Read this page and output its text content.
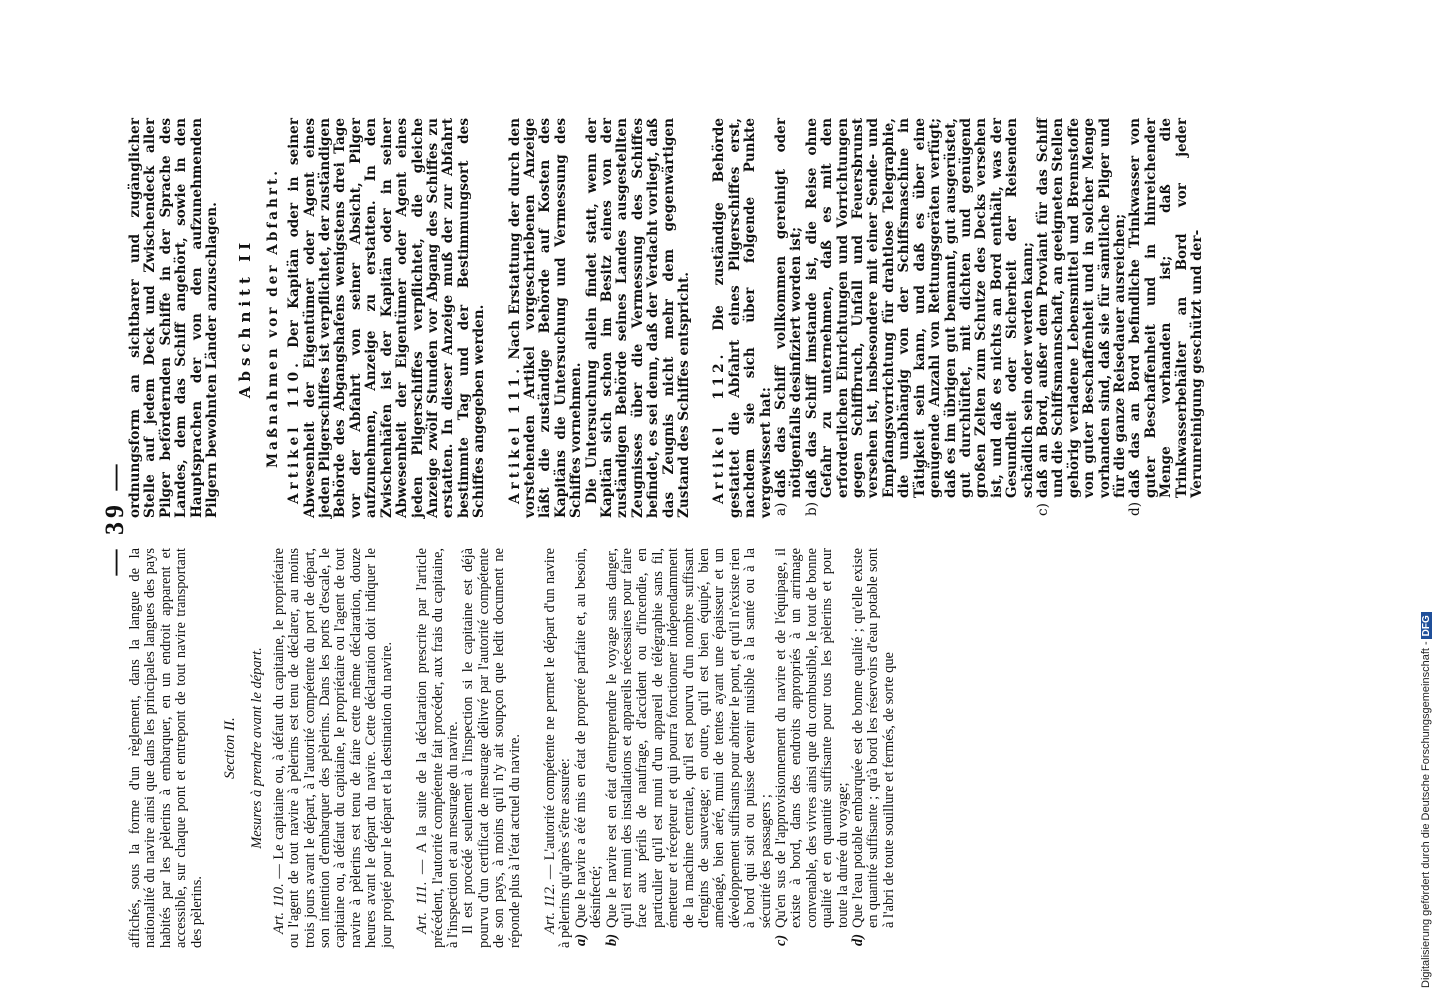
— 39 —

affichés, sous la forme d'un règlement, dans la langue de la nationalité du navire ainsi que dans les principales langues des pays habités par les pèlerins à embarquer, en un endroit apparent et accessible, sur chaque pont et entrepont de tout navire transportant des pèlerins.

Section II. Mesures à prendre avant le départ.

Art. 110. — Le capitaine ou, à défaut du capitaine, le propriétaire ou l'agent de tout navire à pèlerins est tenu de déclarer, au moins trois jours avant le départ, à l'autorité compétente du port de départ, son intention d'embarquer des pèlerins. Dans les ports d'escale, le capitaine ou, à défaut du capitaine, le propriétaire ou l'agent de tout navire à pèlerins est tenu de faire cette même déclaration, douze heures avant le départ du navire. Cette déclaration doit indiquer le jour projeté pour le départ et la destination du navire. Art. 111. — A la suite de la déclaration prescrite par l'article précédent, l'autorité compétente fait procéder, aux frais du capitaine, à l'inspection et au mesurage du navire. Il est procédé seulement à l'inspection si le capitaine est déjà pourvu d'un certificat de mesurage délivré par l'autorité compétente de son pays, à moins qu'il n'y ait soupçon que ledit document ne réponde plus à l'état actuel du navire. Art. 112. — L'autorité compétente ne permet le départ d'un navire à pèlerins qu'après s'être assurée: a)
Que le navire a été mis en état de propreté parfaite et, au besoin, désinfecté;

b)
Que le navire est en état d'entreprendre le voyage sans danger, qu'il est muni des installations et appareils nécessaires pour faire face aux périls de naufrage, d'accident ou d'incendie, en particulier qu'il est muni d'un appareil de télégraphie sans fil, émetteur et récepteur et qui pourra fonctionner indépendamment de la machine centrale, qu'il est pourvu d'un nombre suffisant d'engins de sauvetage; en outre, qu'il est bien équipé, bien aménagé, bien aéré, muni de tentes ayant une épaisseur et un développement suffisants pour abriter le pont, et qu'il n'existe rien à bord qui soit ou puisse devenir nuisible à la santé ou à la sécurité des passagers ;

c)
Qu'en sus de l'approvisionnement du navire et de l'équipage, il existe à bord, dans des endroits appropriés à un arrimage convenable, des vivres ainsi que du combustible, le tout de bonne qualité et en quantité suffisante pour tous les pèlerins et pour toute la durée du voyage;

d)
Que l'eau potable embarquée est de bonne qualité ; qu'elle existe en quantité suffisante ; qu'à bord les réservoirs d'eau potable sont à l'abri de toute souillure et fermés, de sorte que

ordnungsform an sichtbarer und zugänglicher Stelle auf jedem Deck und Zwischendeck aller Pilger befördernden Schiffe in der Sprache des Landes, dem das Schiff angehört, sowie in den Hauptsprachen der von den aufzunehmenden Pilgern bewohnten Länder anzuschlagen. Abschnitt II Maßnahmen vor der Abfahrt. Artikel 110. Der Kapitän oder in seiner Abwesenheit der Eigentümer oder Agent eines jeden Pilgerschiffes ist verpflichtet, der zuständigen Behörde des Abgangshafens wenigstens drei Tage vor der Abfahrt von seiner Absicht, Pilger aufzunehmen, Anzeige zu erstatten. In den Zwischenhäfen ist der Kapitän oder in seiner Abwesenheit der Eigentümer oder Agent eines jeden Pilgerschiffes verpflichtet, die gleiche Anzeige zwölf Stunden vor Abgang des Schiffes zu erstatten. In dieser Anzeige muß der zur Abfahrt bestimmte Tag und der Bestimmungsort des Schiffes angegeben werden. Artikel 111. Nach Erstattung der durch den vorstehenden Artikel vorgeschriebenen Anzeige läßt die zuständige Behörde auf Kosten des Kapitäns die Untersuchung und Vermessung des Schiffes vornehmen. Die Untersuchung allein findet statt, wenn der Kapitän sich schon im Besitz eines von der zuständigen Behörde seines Landes ausgestellten Zeugnisses über die Vermessung des Schiffes befindet, es sei denn, daß der Verdacht vorliegt, daß das Zeugnis nicht mehr dem gegenwärtigen Zustand des Schiffes entspricht. Artikel 112. Die zuständige Behörde gestattet die Abfahrt eines Pilgerschiffes erst, nachdem sie sich über folgende Punkte vergewissert hat: a)
daß das Schiff vollkommen gereinigt oder nötigenfalls desinfiziert worden ist;

b)
daß das Schiff imstande ist, die Reise ohne Gefahr zu unternehmen, daß es mit den erforderlichen Einrichtungen und Vorrichtungen gegen Schiffbruch, Unfall und Feuersbrunst versehen ist, insbesondere mit einer Sende- und Empfangsvorrichtung für drahtlose Telegraphie, die unabhängig von der Schiffsmaschine in Tätigkeit sein kann, und daß es über eine genügende Anzahl von Rettungsgeräten verfügt; daß es im übrigen gut bemannt, gut ausgerüstet, gut durchlüftet, mit dichten und genügend großen Zelten zum Schutze des Decks versehen ist, und daß es nichts an Bord enthält, was der Gesundheit oder Sicherheit der Reisenden schädlich sein oder werden kann;

c)
daß an Bord, außer dem Proviant für das Schiff und die Schiffsmannschaft, an geeigneten Stellen gehörig verladene Lebensmittel und Brennstoffe von guter Beschaffenheit und in solcher Menge vorhanden sind, daß sie für sämtliche Pilger und für die ganze Reisedauer ausreichen;

d)
daß das an Bord befindliche Trinkwasser von guter Beschaffenheit und in hinreichender Menge vorhanden ist; daß die Trinkwasserbehälter an Bord vor jeder Verunreinigung geschützt und der-

Digitalisierung gefördert durch die Deutsche Forschungsgemeinschaft -DFG
